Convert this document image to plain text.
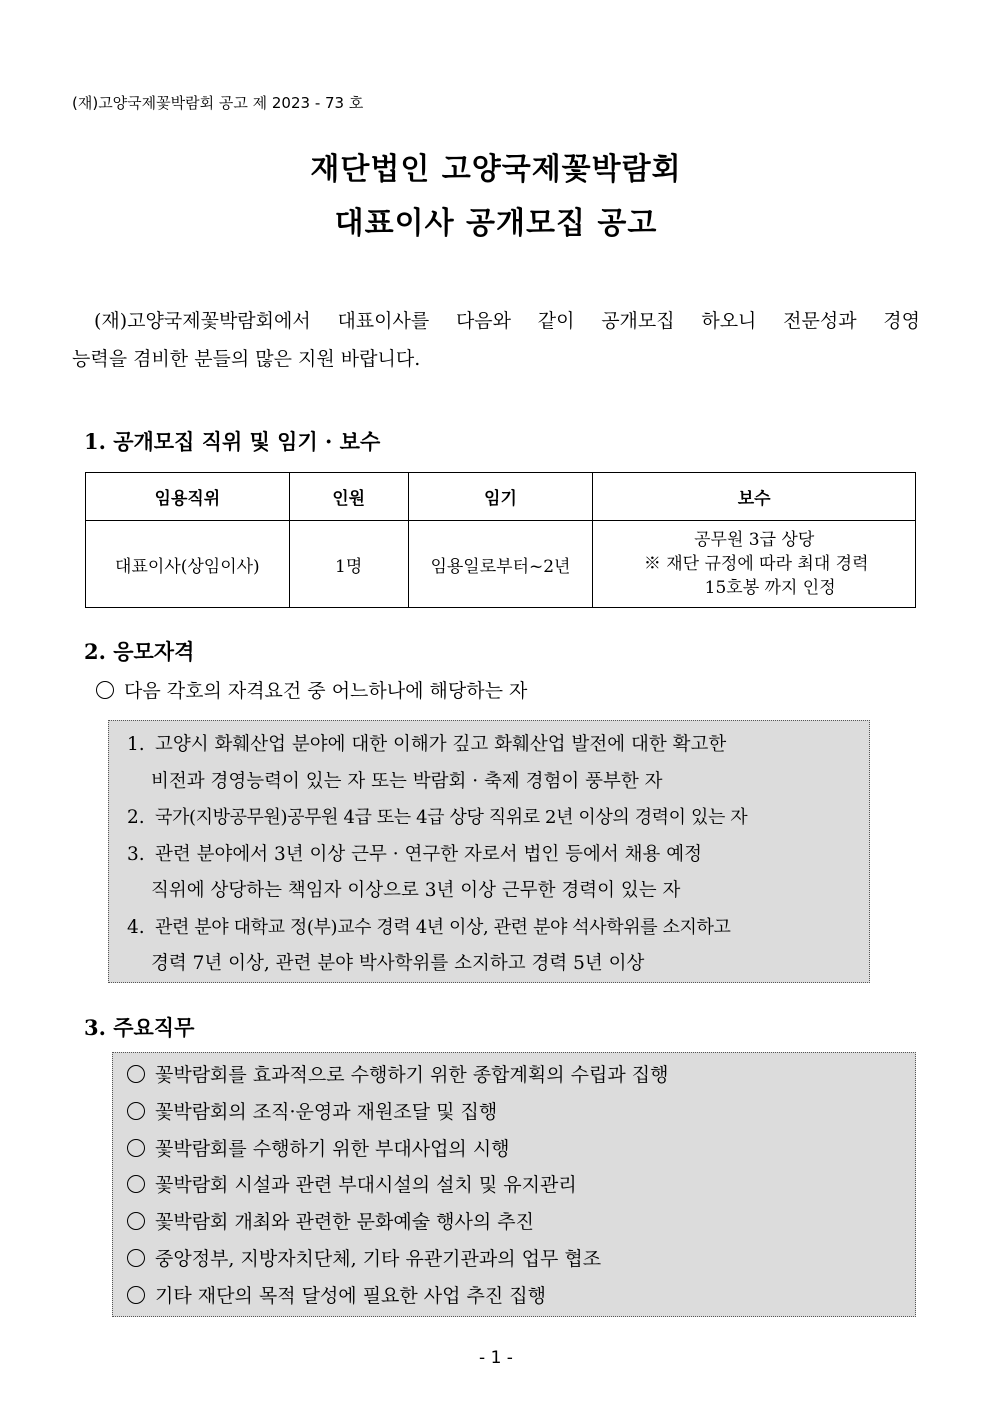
(재)고양국제꽃박람회 공고 제 2023 - 73 호
재단법인 고양국제꽃박람회
대표이사 공개모집 공고
(재)고양국제꽃박람회에서 대표이사를 다음와 같이 공개모집 하오니 전문성과 경영
능력을 겸비한 분들의 많은 지원 바랍니다.
1. 공개모집 직위 및 임기 · 보수
임용직위	인원	임기	보수
대표이사(상임이사)	1명	임용일로부터~2년	공무원 3급 상당
※ 재단 규정에 따라 최대 경력
15호봉 까지 인정
2. 응모자격
다음 각호의 자격요건 중 어느하나에 해당하는 자
1. 고양시 화훼산업 분야에 대한 이해가 깊고 화훼산업 발전에 대한 확고한
비전과 경영능력이 있는 자 또는 박람회 · 축제 경험이 풍부한 자
2. 국가(지방공무원)공무원 4급 또는 4급 상당 직위로 2년 이상의 경력이 있는 자
3. 관련 분야에서 3년 이상 근무 · 연구한 자로서 법인 등에서 채용 예정
직위에 상당하는 책임자 이상으로 3년 이상 근무한 경력이 있는 자
4. 관련 분야 대학교 정(부)교수 경력 4년 이상, 관련 분야 석사학위를 소지하고
경력 7년 이상, 관련 분야 박사학위를 소지하고 경력 5년 이상
3. 주요직무
꽃박람회를 효과적으로 수행하기 위한 종합계획의 수립과 집행
꽃박람회의 조직·운영과 재원조달 및 집행
꽃박람회를 수행하기 위한 부대사업의 시행
꽃박람회 시설과 관련 부대시설의 설치 및 유지관리
꽃박람회 개최와 관련한 문화예술 행사의 추진
중앙정부, 지방자치단체, 기타 유관기관과의 업무 협조
기타 재단의 목적 달성에 필요한 사업 추진 집행
- 1 -
